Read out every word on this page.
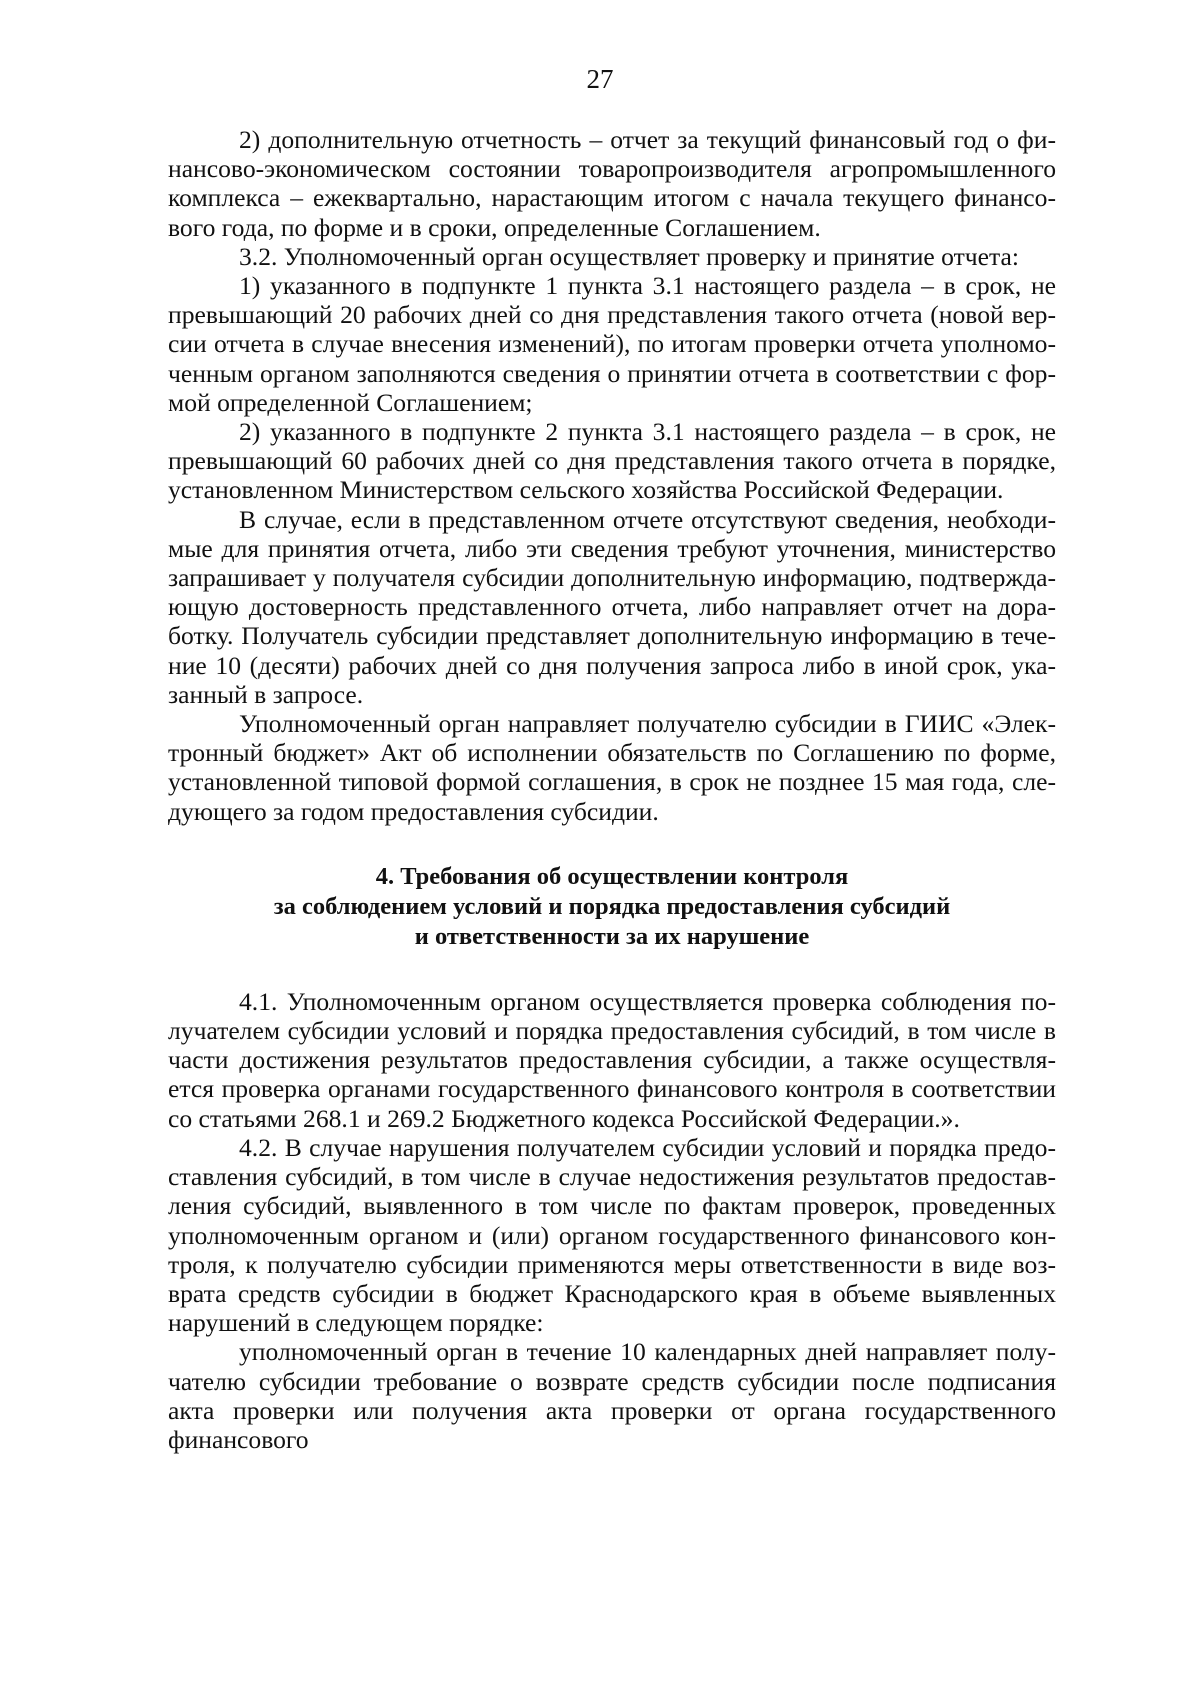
27

2) дополнительную отчетность – отчет за текущий финансовый год о финансово-экономическом состоянии товаропроизводителя агропромышленного комплекса – ежеквартально, нарастающим итогом с начала текущего финансового года, по форме и в сроки, определенные Соглашением.

3.2. Уполномоченный орган осуществляет проверку и принятие отчета:

1) указанного в подпункте 1 пункта 3.1 настоящего раздела – в срок, не превышающий 20 рабочих дней со дня представления такого отчета (новой версии отчета в случае внесения изменений), по итогам проверки отчета уполномоченным органом заполняются сведения о принятии отчета в соответствии с формой определенной Соглашением;

2) указанного в подпункте 2 пункта 3.1 настоящего раздела – в срок, не превышающий 60 рабочих дней со дня представления такого отчета в порядке, установленном Министерством сельского хозяйства Российской Федерации.

В случае, если в представленном отчете отсутствуют сведения, необходимые для принятия отчета, либо эти сведения требуют уточнения, министерство запрашивает у получателя субсидии дополнительную информацию, подтверждающую достоверность представленного отчета, либо направляет отчет на доработку. Получатель субсидии представляет дополнительную информацию в течение 10 (десяти) рабочих дней со дня получения запроса либо в иной срок, указанный в запросе.

Уполномоченный орган направляет получателю субсидии в ГИИС «Электронный бюджет» Акт об исполнении обязательств по Соглашению по форме, установленной типовой формой соглашения, в срок не позднее 15 мая года, следующего за годом предоставления субсидии.

4. Требования об осуществлении контроля
за соблюдением условий и порядка предоставления субсидий
и ответственности за их нарушение

4.1. Уполномоченным органом осуществляется проверка соблюдения получателем субсидии условий и порядка предоставления субсидий, в том числе в части достижения результатов предоставления субсидии, а также осуществляется проверка органами государственного финансового контроля в соответствии со статьями 268.1 и 269.2 Бюджетного кодекса Российской Федерации.».

4.2. В случае нарушения получателем субсидии условий и порядка предоставления субсидий, в том числе в случае недостижения результатов предоставления субсидий, выявленного в том числе по фактам проверок, проведенных уполномоченным органом и (или) органом государственного финансового контроля, к получателю субсидии применяются меры ответственности в виде возврата средств субсидии в бюджет Краснодарского края в объеме выявленных нарушений в следующем порядке:

уполномоченный орган в течение 10 календарных дней направляет получателю субсидии требование о возврате средств субсидии после подписания акта проверки или получения акта проверки от органа государственного финансового
